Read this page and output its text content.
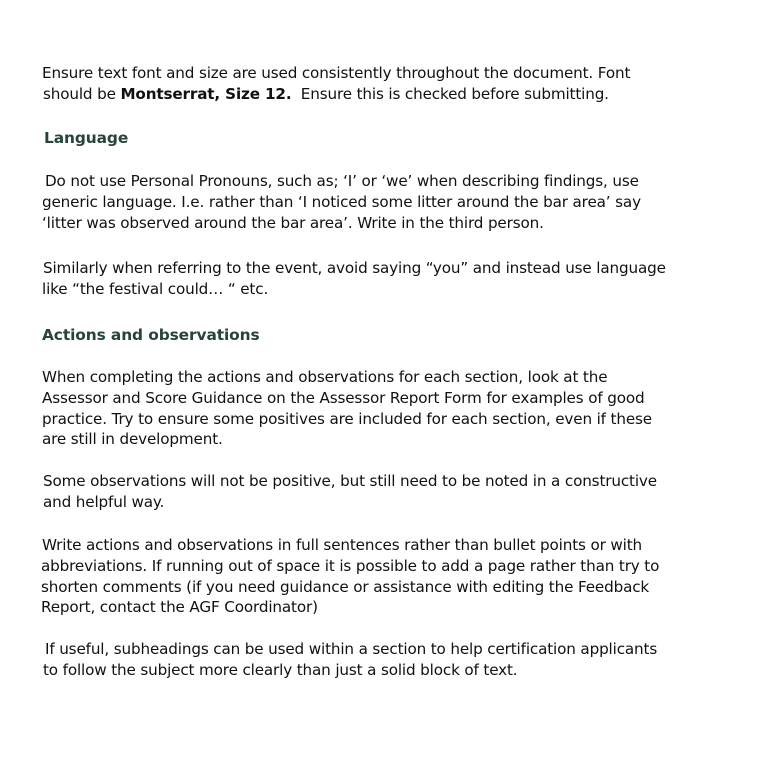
Ensure text font and size are used consistently throughout the document. Font
should be Montserrat, Size 12.  Ensure this is checked before submitting.

Language

Do not use Personal Pronouns, such as; ‘I’ or ‘we’ when describing findings, use
generic language. I.e. rather than ‘I noticed some litter around the bar area’ say
‘litter was observed around the bar area’. Write in the third person.

Similarly when referring to the event, avoid saying “you” and instead use language
like “the festival could… “ etc.

Actions and observations

When completing the actions and observations for each section, look at the
Assessor and Score Guidance on the Assessor Report Form for examples of good
practice. Try to ensure some positives are included for each section, even if these
are still in development.

Some observations will not be positive, but still need to be noted in a constructive
and helpful way.

Write actions and observations in full sentences rather than bullet points or with
abbreviations. If running out of space it is possible to add a page rather than try to
shorten comments (if you need guidance or assistance with editing the Feedback
Report, contact the AGF Coordinator)

If useful, subheadings can be used within a section to help certification applicants
to follow the subject more clearly than just a solid block of text.
